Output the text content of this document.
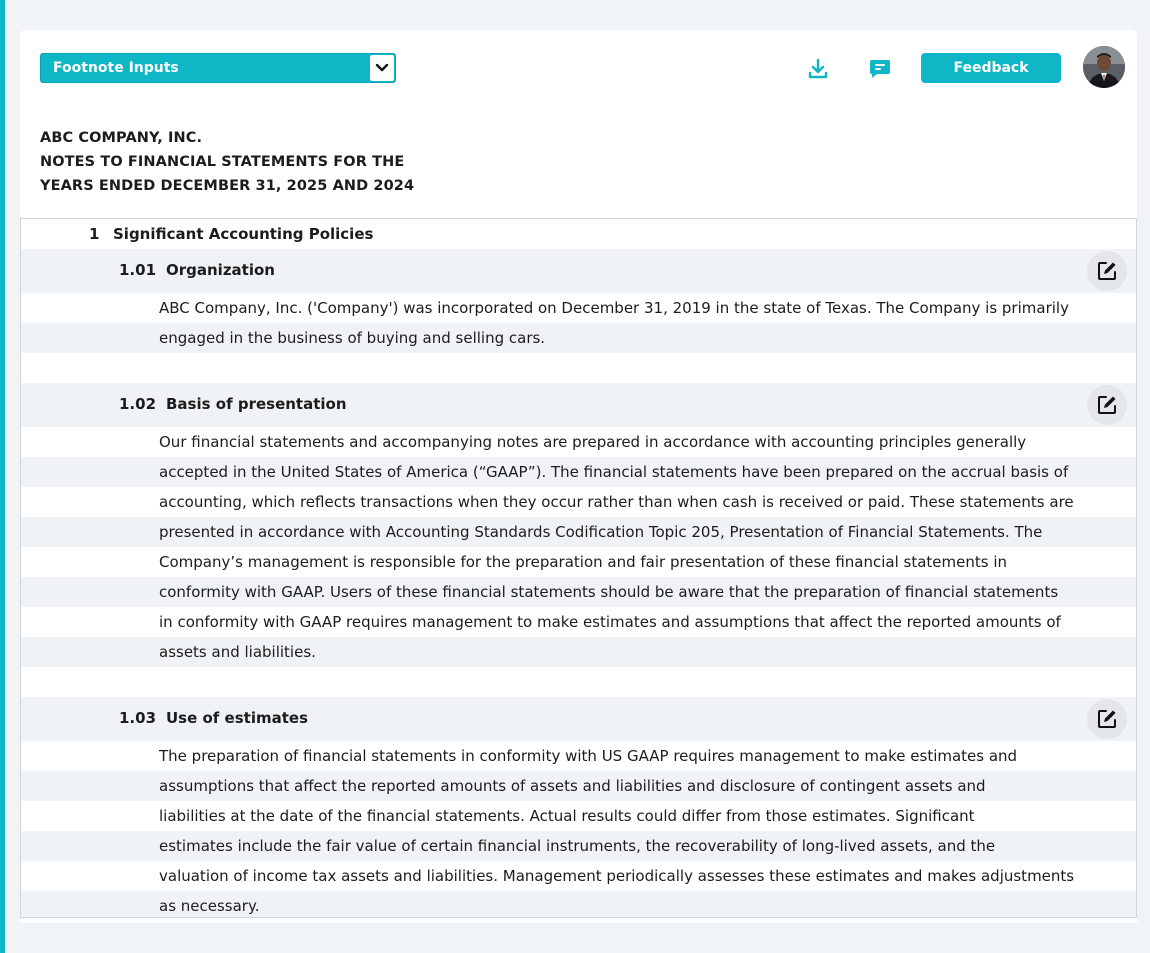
Footnote Inputs	Feedback
ABC COMPANY, INC.
NOTES TO FINANCIAL STATEMENTS FOR THE
YEARS ENDED DECEMBER 31, 2025 AND 2024
1 Significant Accounting Policies
1.01 Organization
ABC Company, Inc. ('Company') was incorporated on December 31, 2019 in the state of Texas. The Company is primarily
engaged in the business of buying and selling cars.
1.02 Basis of presentation
Our financial statements and accompanying notes are prepared in accordance with accounting principles generally
accepted in the United States of America (“GAAP”). The financial statements have been prepared on the accrual basis of
accounting, which reflects transactions when they occur rather than when cash is received or paid. These statements are
presented in accordance with Accounting Standards Codification Topic 205, Presentation of Financial Statements. The
Company’s management is responsible for the preparation and fair presentation of these financial statements in
conformity with GAAP. Users of these financial statements should be aware that the preparation of financial statements
in conformity with GAAP requires management to make estimates and assumptions that affect the reported amounts of
assets and liabilities.
1.03 Use of estimates
The preparation of financial statements in conformity with US GAAP requires management to make estimates and
assumptions that affect the reported amounts of assets and liabilities and disclosure of contingent assets and
liabilities at the date of the financial statements. Actual results could differ from those estimates. Significant
estimates include the fair value of certain financial instruments, the recoverability of long-lived assets, and the
valuation of income tax assets and liabilities. Management periodically assesses these estimates and makes adjustments
as necessary.
